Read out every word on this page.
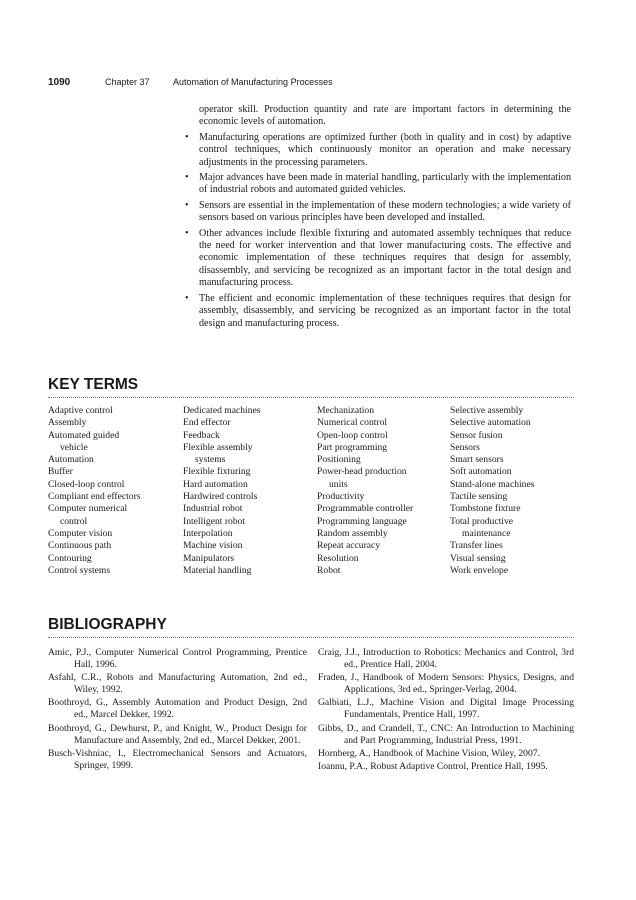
1090	Chapter 37	Automation of Manufacturing Processes

operator skill. Production quantity and rate are important factors in determining the economic levels of automation.

• Manufacturing operations are optimized further (both in quality and in cost) by adaptive control techniques, which continuously monitor an operation and make necessary adjustments in the processing parameters.
• Major advances have been made in material handling, particularly with the implementation of industrial robots and automated guided vehicles.
• Sensors are essential in the implementation of these modern technologies; a wide variety of sensors based on various principles have been developed and installed.
• Other advances include flexible fixturing and automated assembly techniques that reduce the need for worker intervention and that lower manufacturing costs. The effective and economic implementation of these techniques requires that design for assembly, disassembly, and servicing be recognized as an important factor in the total design and manufacturing process.
• The efficient and economic implementation of these techniques requires that design for assembly, disassembly, and servicing be recognized as an important factor in the total design and manufacturing process.
KEY TERMS
Adaptive control
Assembly
Automated guided
vehicle
Automation
Buffer
Closed-loop control
Compliant end effectors
Computer numerical
control
Computer vision
Continuous path
Contouring
Control systems
Dedicated machines
End effector
Feedback
Flexible assembly
systems
Flexible fixturing
Hard automation
Hardwired controls
Industrial robot
Intelligent robot
Interpolation
Machine vision
Manipulators
Material handling
Mechanization
Numerical control
Open-loop control
Part programming
Positioning
Power-head production
units
Productivity
Programmable controller
Programming language
Random assembly
Repeat accuracy
Resolution
Robot
Selective assembly
Selective automation
Sensor fusion
Sensors
Smart sensors
Soft automation
Stand-alone machines
Tactile sensing
Tombstone fixture
Total productive
maintenance
Transfer lines
Visual sensing
Work envelope
BIBLIOGRAPHY
Amic, P.J., Computer Numerical Control Programming, Prentice Hall, 1996.
Asfahl, C.R., Robots and Manufacturing Automation, 2nd ed., Wiley, 1992.
Boothroyd, G., Assembly Automation and Product Design, 2nd ed., Marcel Dekker, 1992.
Boothroyd, G., Dewhurst, P., and Knight, W., Product Design for Manufacture and Assembly, 2nd ed., Marcel Dekker, 2001.
Busch-Vishniac, I., Electromechanical Sensors and Actuators, Springer, 1999.
Craig, J.J., Introduction to Robotics: Mechanics and Control, 3rd ed., Prentice Hall, 2004.
Fraden, J., Handbook of Modern Sensors: Physics, Designs, and Applications, 3rd ed., Springer-Verlag, 2004.
Galbiati, L.J., Machine Vision and Digital Image Processing Fundamentals, Prentice Hall, 1997.
Gibbs, D., and Crandell, T., CNC: An Introduction to Machining and Part Programming, Industrial Press, 1991.
Hornberg, A., Handbook of Machine Vision, Wiley, 2007.
Ioannu, P.A., Robust Adaptive Control, Prentice Hall, 1995.
